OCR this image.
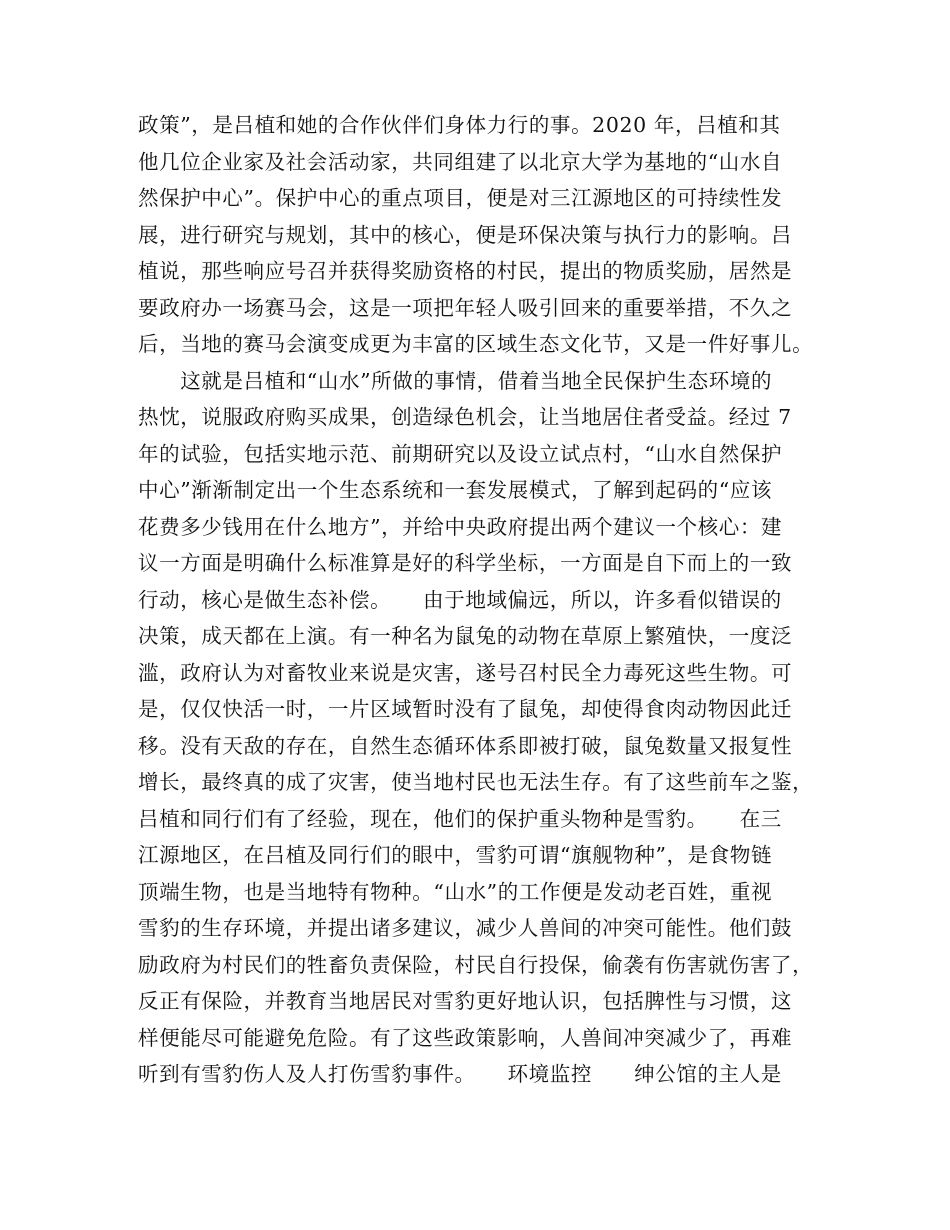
政策”，是吕植和她的合作伙伴们身体力行的事。2020 年，吕植和其
他几位企业家及社会活动家，共同组建了以北京大学为基地的“山水自
然保护中心”。保护中心的重点项目，便是对三江源地区的可持续性发
展，进行研究与规划，其中的核心，便是环保决策与执行力的影响。吕
植说，那些响应号召并获得奖励资格的村民，提出的物质奖励，居然是
要政府办一场赛马会，这是一项把年轻人吸引回来的重要举措，不久之
后，当地的赛马会演变成更为丰富的区域生态文化节，又是一件好事儿。
　　这就是吕植和“山水”所做的事情，借着当地全民保护生态环境的
热忱，说服政府购买成果，创造绿色机会，让当地居住者受益。经过 7
年的试验，包括实地示范、前期研究以及设立试点村，“山水自然保护
中心”渐渐制定出一个生态系统和一套发展模式，了解到起码的“应该
花费多少钱用在什么地方”，并给中央政府提出两个建议一个核心：建
议一方面是明确什么标准算是好的科学坐标，一方面是自下而上的一致
行动，核心是做生态补偿。　　由于地域偏远，所以，许多看似错误的
决策，成天都在上演。有一种名为鼠兔的动物在草原上繁殖快，一度泛
滥，政府认为对畜牧业来说是灾害，遂号召村民全力毒死这些生物。可
是，仅仅快活一时，一片区域暂时没有了鼠兔，却使得食肉动物因此迁
移。没有天敌的存在，自然生态循环体系即被打破，鼠兔数量又报复性
增长，最终真的成了灾害，使当地村民也无法生存。有了这些前车之鉴，
吕植和同行们有了经验，现在，他们的保护重头物种是雪豹。　　在三
江源地区，在吕植及同行们的眼中，雪豹可谓“旗舰物种”，是食物链
顶端生物，也是当地特有物种。“山水”的工作便是发动老百姓，重视
雪豹的生存环境，并提出诸多建议，减少人兽间的冲突可能性。他们鼓
励政府为村民们的牲畜负责保险，村民自行投保，偷袭有伤害就伤害了，
反正有保险，并教育当地居民对雪豹更好地认识，包括脾性与习惯，这
样便能尽可能避免危险。有了这些政策影响，人兽间冲突减少了，再难
听到有雪豹伤人及人打伤雪豹事件。　　环境监控　　绅公馆的主人是
